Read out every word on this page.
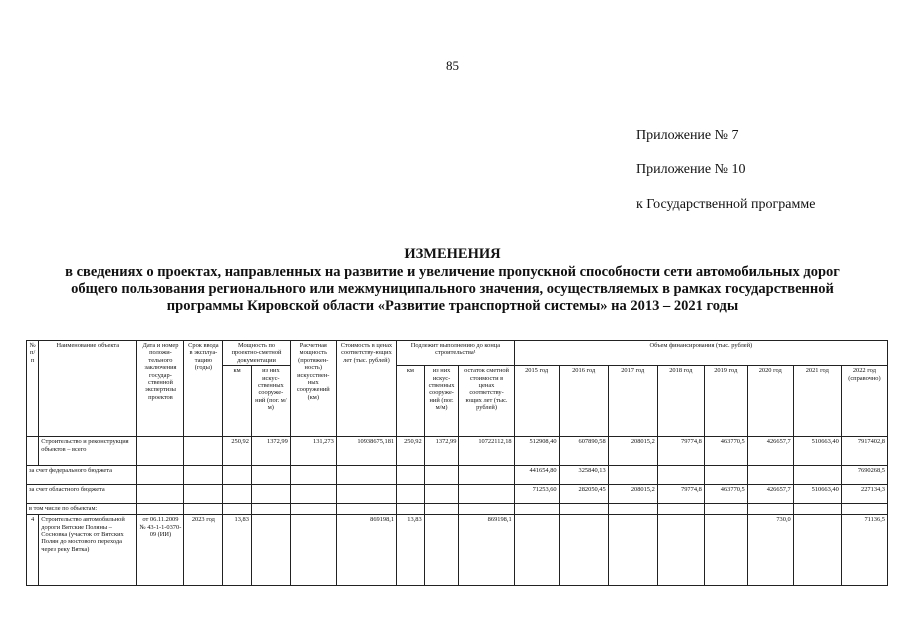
85
Приложение № 7
Приложение № 10
к Государственной программе
ИЗМЕНЕНИЯ
в сведениях о проектах, направленных на развитие и увеличение пропускной способности сети автомобильных дорог
общего пользования регионального или межмуниципального значения, осуществляемых в рамках государственной
программы Кировской области «Развитие транспортной системы» на 2013 – 2021 годы
№ п/п	Наименование объекта	Дата и номер положи-тельного заключения государ-ственной экспертизы проектов	Срок ввода в эксплуа-тацию (годы)	Мощность по проектно-сметной документации		Расчетная мощность (протяжен-ность) искусствен-ных сооружений (км)	Стоимость в ценах соответству-ющих лет (тыс. рублей)	Подлежит выполнению до конца строительства¹			Объем финансирования (тыс. рублей)							
				км	из них искус-ственных сооруже-ний (пог. м/м)			км	из них искус-ственных сооруже-ний (пог. м/м)	остаток сметной стоимости в ценах соответству-ющих лет (тыс. рублей)	2015 год	2016 год	2017 год	2018 год	2019 год	2020 год	2021 год	2022 год (справочно)
	Строительство и реконструкция объектов – всего			250,92	1372,99	131,273	10938675,181	250,92	1372,99	10722112,18	512908,40	607890,58	208015,2	79774,8	463770,5	426657,7	510663,40	7917402,8
за счет федерального бюджета											441654,80	325840,13						7690268,5
за счет областного бюджета											71253,60	282050,45	208015,2	79774,8	463770,5	426657,7	510663,40	227134,3
в том числе по объектам:																		
4	Строительство автомобильной дороги Вятские Поляны – Сосновка (участок от Вятских Полян до мостового перехода через реку Вятка)	от 06.11.2009 № 43-1-1-0370-09 (ИИ)	2023 год	13,83			869198,1	13,83		869198,1						730,0		71136,5
